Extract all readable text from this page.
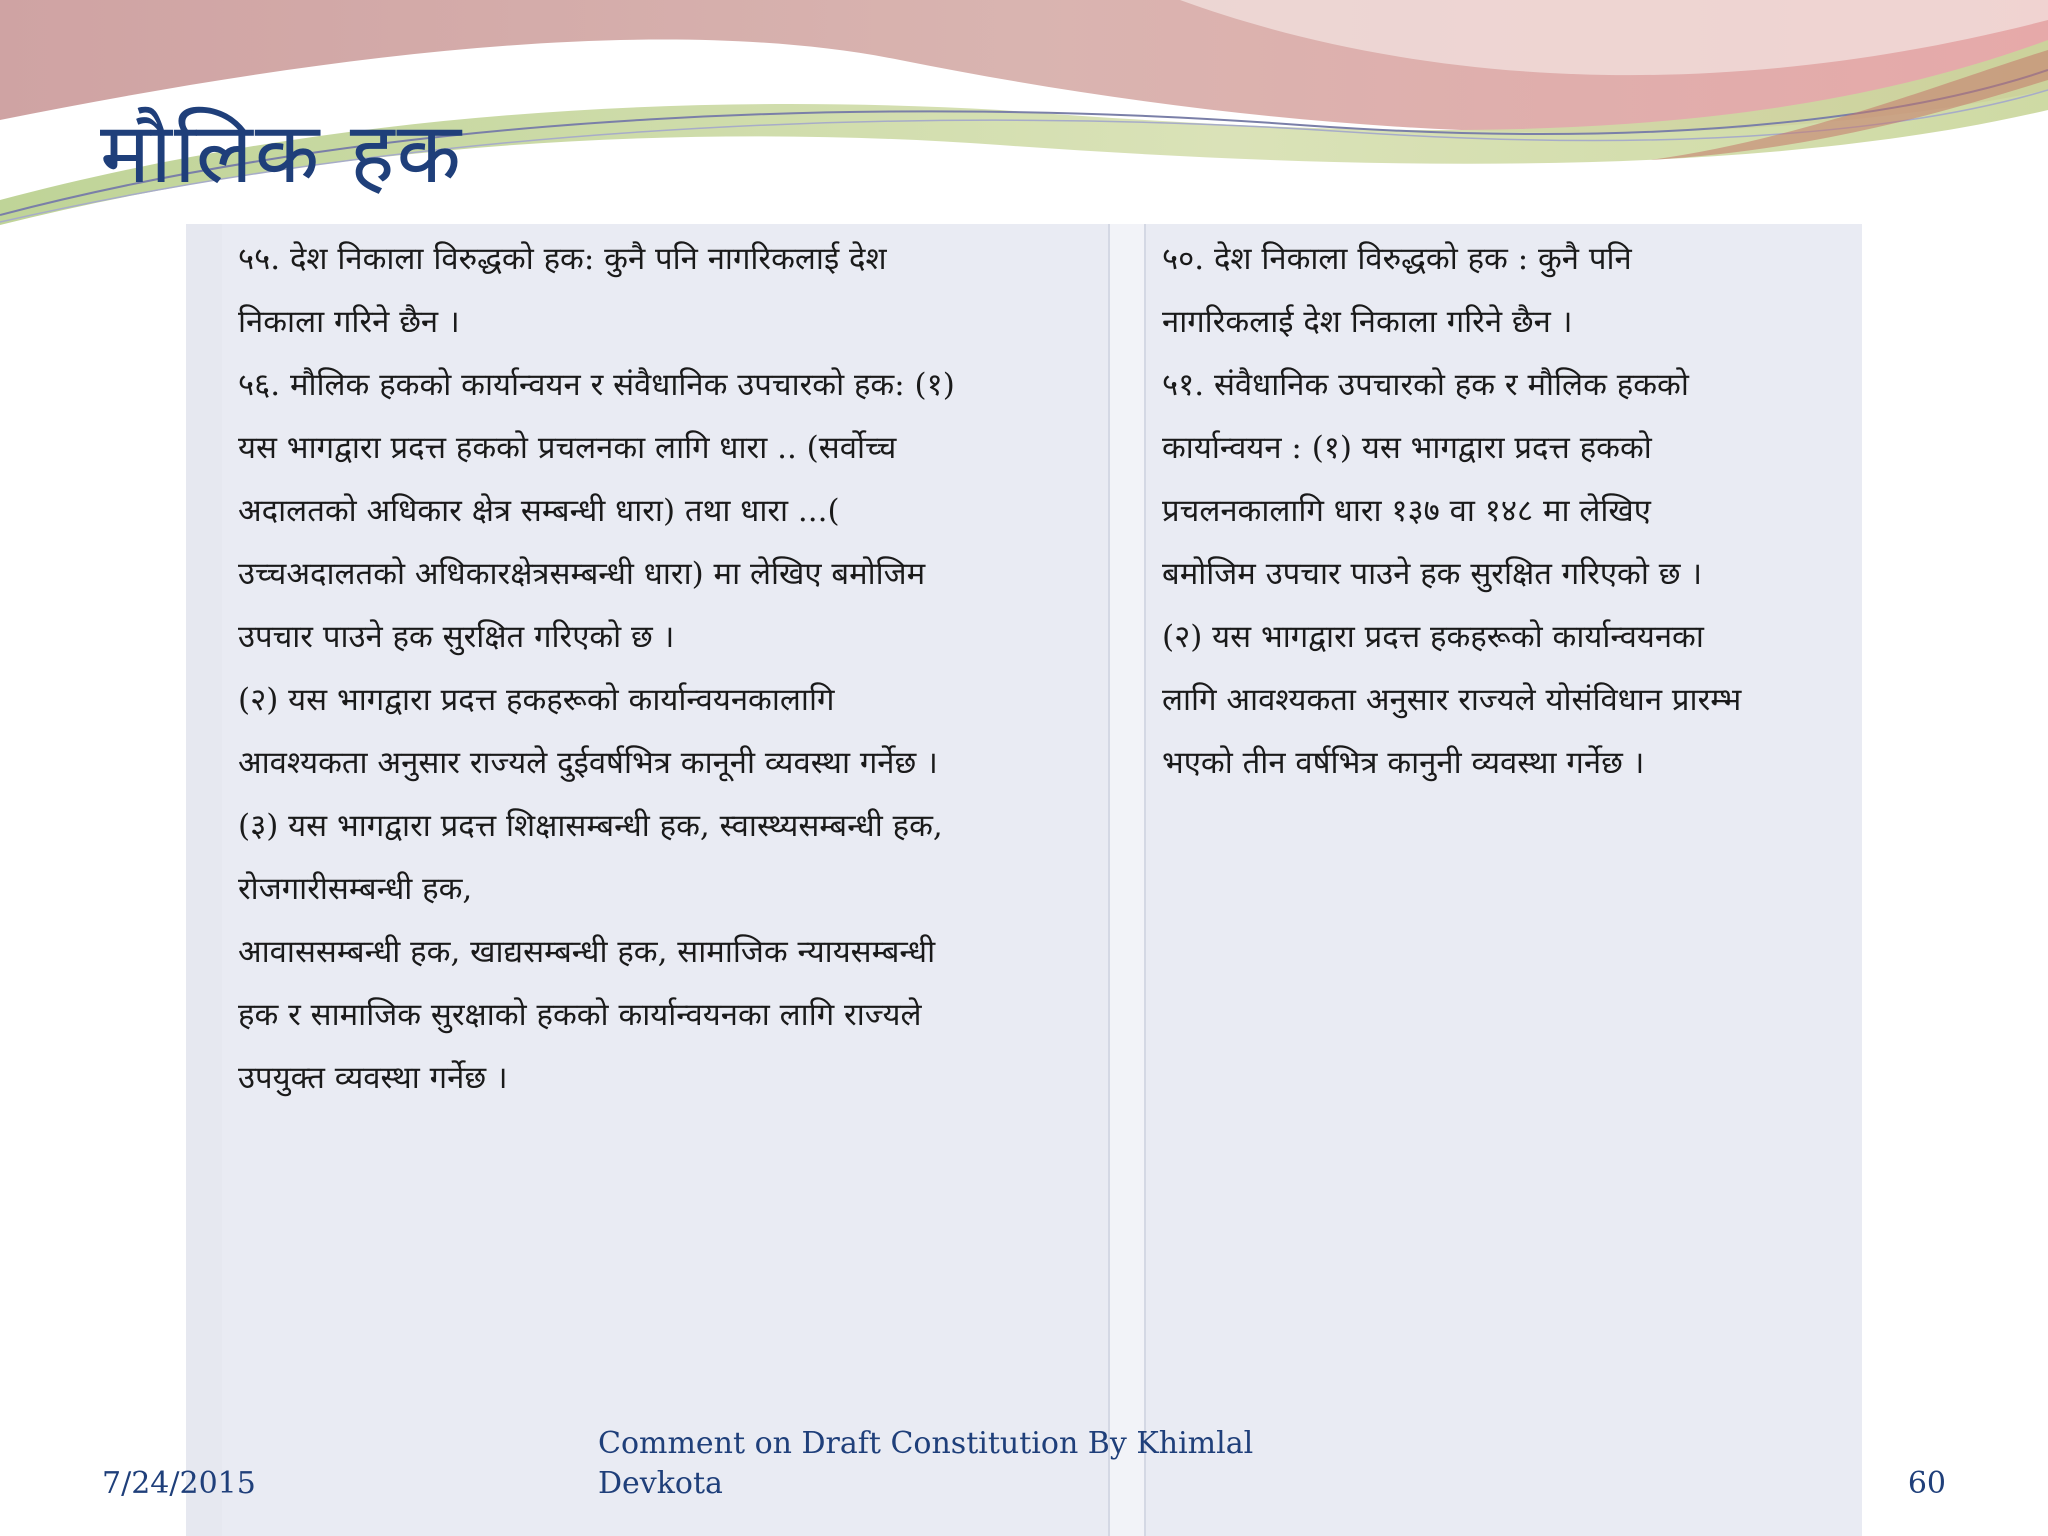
मौलिक हक

५५. देश निकाला विरुद्धको हक: कुनै पनि नागरिकलाई देश

निकाला गरिने छैन ।

५६. मौलिक हकको कार्यान्वयन र संवैधानिक उपचारको हक: (१)

यस भागद्वारा प्रदत्त हकको प्रचलनका लागि धारा .. (सर्वोच्च

अदालतको अधिकार क्षेत्र सम्बन्धी धारा) तथा धारा ...(

उच्चअदालतको अधिकारक्षेत्रसम्बन्धी धारा) मा लेखिए बमोजिम

उपचार पाउने हक सुरक्षित गरिएको छ ।

(२) यस भागद्वारा प्रदत्त हकहरूको कार्यान्वयनकालागि

आवश्यकता अनुसार राज्यले दुईवर्षभित्र कानूनी व्यवस्था गर्नेछ ।

(३) यस भागद्वारा प्रदत्त शिक्षासम्बन्धी हक, स्वास्थ्यसम्बन्धी हक,

रोजगारीसम्बन्धी हक,

आवाससम्बन्धी हक, खाद्यसम्बन्धी हक, सामाजिक न्यायसम्बन्धी

हक र सामाजिक सुरक्षाको हकको कार्यान्वयनका लागि राज्यले

उपयुक्त व्यवस्था गर्नेछ ।

५०. देश निकाला विरुद्धको हक : कुनै पनि

नागरिकलाई देश निकाला गरिने छैन ।

५१. संवैधानिक उपचारको हक र मौलिक हकको

कार्यान्वयन : (१) यस भागद्वारा प्रदत्त हकको

प्रचलनकालागि धारा १३७ वा १४८ मा लेखिए

बमोजिम उपचार पाउने हक सुरक्षित गरिएको छ ।

(२) यस भागद्वारा प्रदत्त हकहरूको कार्यान्वयनका

लागि आवश्यकता अनुसार राज्यले योसंविधान प्रारम्भ

भएको तीन वर्षभित्र कानुनी व्यवस्था गर्नेछ ।

7/24/2015
Comment on Draft Constitution By Khimlal Devkota	60
